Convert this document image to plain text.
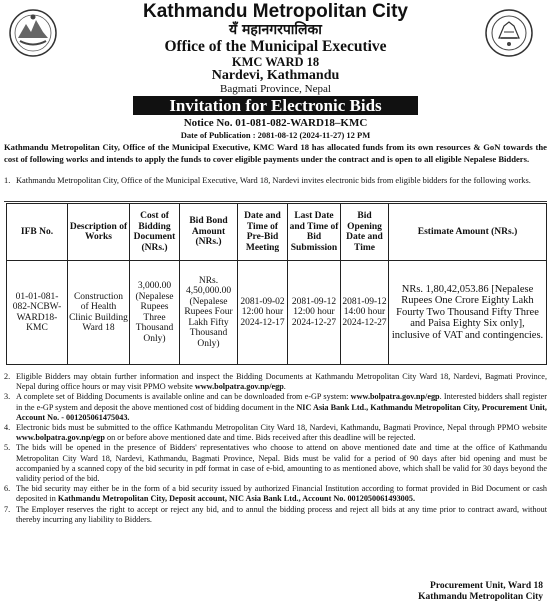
Kathmandu Metropolitan City
यँ महानगरपालिका
Office of the Municipal Executive
KMC WARD 18
Nardevi, Kathmandu
Bagmati Province, Nepal
Invitation for Electronic Bids
Notice No. 01-081-082-WARD18–KMC
Date of Publication : 2081-08-12 (2024-11-27) 12 PM
Kathmandu Metropolitan City, Office of the Municipal Executive, KMC Ward 18 has allocated funds from its own resources & GoN towards the cost of following works and intends to apply the funds to cover eligible payments under the contract and is open to all eligible Nepalese Bidders.
1. Kathmandu Metropolitan City, Office of the Municipal Executive, Ward 18, Nardevi invites electronic bids from eligible bidders for the following works.
IFB No.	Description of Works	Cost of Bidding Document (NRs.)	Bid Bond Amount (NRs.)	Date and Time of Pre-Bid Meeting	Last Date and Time of Bid Submission	Bid Opening Date and Time	Estimate Amount (NRs.)
01-01-081-082-NCBW-WARD18-KMC	Construction of Health Clinic Building Ward 18	3,000.00 (Nepalese Rupees Three Thousand Only)	NRs. 4,50,000.00 (Nepalese Rupees Four Lakh Fifty Thousand Only)	2081-09-02 12:00 hour 2024-12-17	2081-09-12 12:00 hour 2024-12-27	2081-09-12 14:00 hour 2024-12-27	NRs. 1,80,42,053.86 [Nepalese Rupees One Crore Eighty Lakh Fourty Two Thousand Fifty Three and Paisa Eighty Six only], inclusive of VAT and contingencies.
2. Eligible Bidders may obtain further information and inspect the Bidding Documents at Kathmandu Metropolitan City Ward 18, Nardevi, Bagmati Province, Nepal during office hours or may visit PPMO website www.bolpatra.gov.np/egp.
3. A complete set of Bidding Documents is available online and can be downloaded from e-GP system: www.bolpatra.gov.np/egp. Interested bidders shall register in the e-GP system and deposit the above mentioned cost of bidding document in the NIC Asia Bank Ltd., Kathmandu Metropolitan City, Procurement Unit, Account No. - 001205061475043.
4. Electronic bids must be submitted to the office Kathmandu Metropolitan City Ward 18, Nardevi, Kathmandu, Bagmati Province, Nepal through PPMO website www.bolpatra.gov.np/egp on or before above mentioned date and time. Bids received after this deadline will be rejected.
5. The bids will be opened in the presence of Bidders' representatives who choose to attend on above mentioned date and time at the office of Kathmandu Metropolitan City Ward 18, Nardevi, Kathmandu, Bagmati Province, Nepal. Bids must be valid for a period of 90 days after bid opening and must be accompanied by a scanned copy of the bid security in pdf format in case of e-bid, amounting to as mentioned above, which shall be valid for 30 days beyond the validity period of the bid.
6. The bid security may either be in the form of a bid security issued by authorized Financial Institution according to format provided in Bid Document or cash deposited in Kathmandu Metropolitan City, Deposit account, NIC Asia Bank Ltd., Account No. 0012050061493005.
7. The Employer reserves the right to accept or reject any bid, and to annul the bidding process and reject all bids at any time prior to contract award, without thereby incurring any liability to Bidders.
Procurement Unit, Ward 18
Kathmandu Metropolitan City
